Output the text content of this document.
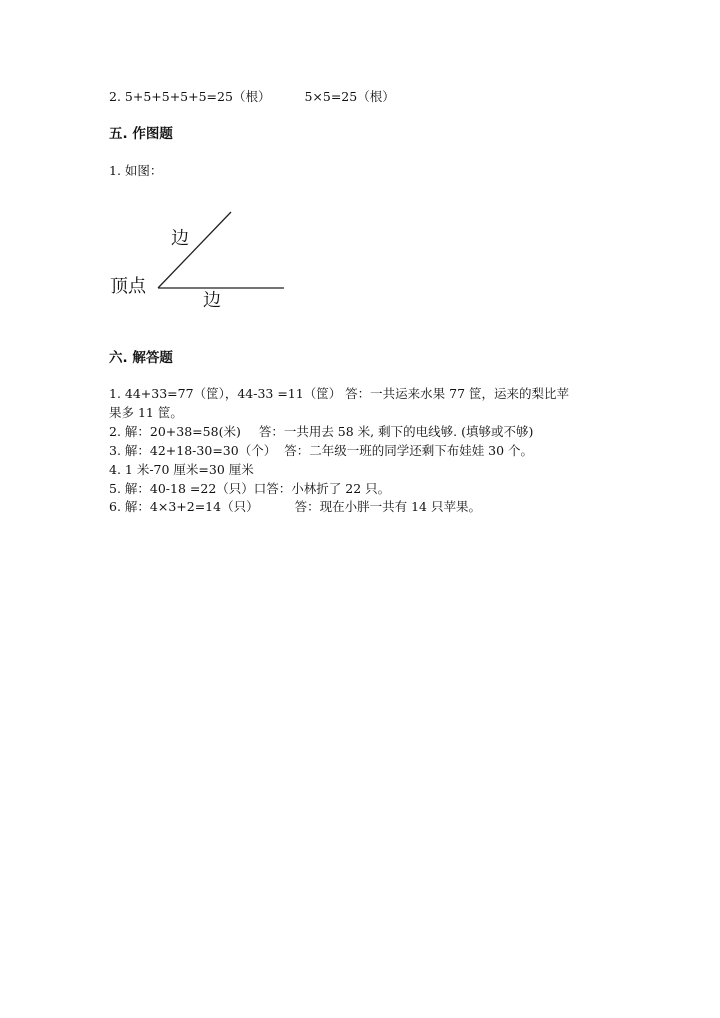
2. 5+5+5+5+5=25（根）	5×5=25（根）
五. 作图题
1. 如图：
边
顶点
边
六. 解答题
1. 44+33=77（筐），44-33 =11（筐） 答：一共运来水果 77 筐，运来的梨比苹
果多 11 筐。
2. 解：20+38=58(米) 答：一共用去 58 米, 剩下的电线够. (填够或不够)
3. 解：42+18-30=30（个） 答：二年级一班的同学还剩下布娃娃 30 个。
4. 1 米-70 厘米=30 厘米
5. 解：40-18 =22（只）口答：小林折了 22 只。
6. 解：4×3+2=14（只）	答：现在小胖一共有 14 只苹果。
